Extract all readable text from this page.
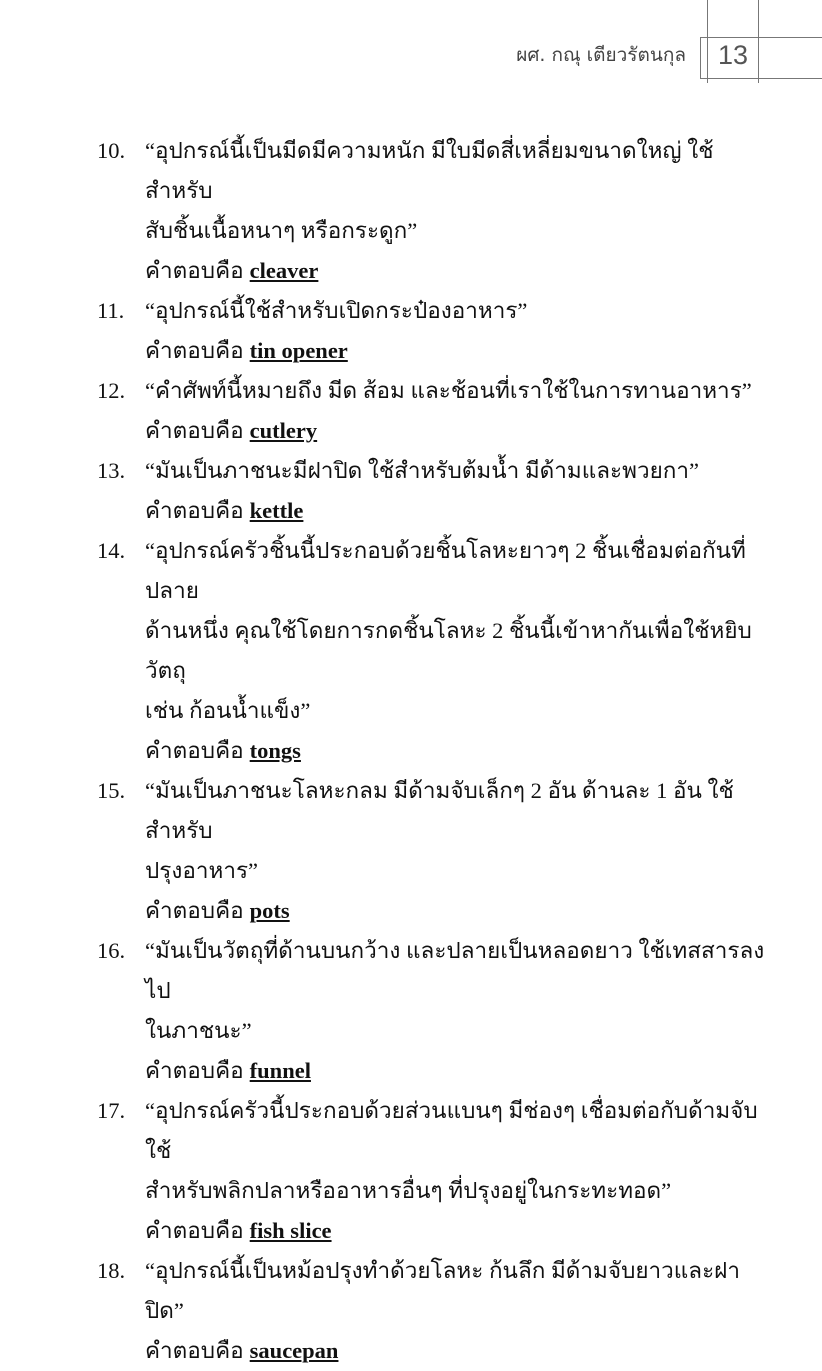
ผศ. กณุ เตียวรัตนกุล	13
10. “อุปกรณ์นี้เป็นมีดมีความหนัก มีใบมีดสี่เหลี่ยมขนาดใหญ่ ใช้สำหรับ
สับชิ้นเนื้อหนาๆ หรือกระดูก”
คำตอบคือ cleaver
11. “อุปกรณ์นี้ใช้สำหรับเปิดกระป๋องอาหาร”
คำตอบคือ tin opener
12. “คำศัพท์นี้หมายถึง มีด ส้อม และช้อนที่เราใช้ในการทานอาหาร”
คำตอบคือ cutlery
13. “มันเป็นภาชนะมีฝาปิด ใช้สำหรับต้มน้ำ มีด้ามและพวยกา”
คำตอบคือ kettle
14. “อุปกรณ์ครัวชิ้นนี้ประกอบด้วยชิ้นโลหะยาวๆ 2 ชิ้นเชื่อมต่อกันที่ปลาย
ด้านหนึ่ง คุณใช้โดยการกดชิ้นโลหะ 2 ชิ้นนี้เข้าหากันเพื่อใช้หยิบวัตถุ
เช่น ก้อนน้ำแข็ง”
คำตอบคือ tongs
15. “มันเป็นภาชนะโลหะกลม มีด้ามจับเล็กๆ 2 อัน ด้านละ 1 อัน ใช้สำหรับ
ปรุงอาหาร”
คำตอบคือ pots
16. “มันเป็นวัตถุที่ด้านบนกว้าง และปลายเป็นหลอดยาว ใช้เทสสารลงไป
ในภาชนะ”
คำตอบคือ funnel
17. “อุปกรณ์ครัวนี้ประกอบด้วยส่วนแบนๆ มีช่องๆ เชื่อมต่อกับด้ามจับใช้
สำหรับพลิกปลาหรืออาหารอื่นๆ ที่ปรุงอยู่ในกระทะทอด”
คำตอบคือ fish slice
18. “อุปกรณ์นี้เป็นหม้อปรุงทำด้วยโลหะ ก้นลึก มีด้ามจับยาวและฝาปิด”
คำตอบคือ saucepan
